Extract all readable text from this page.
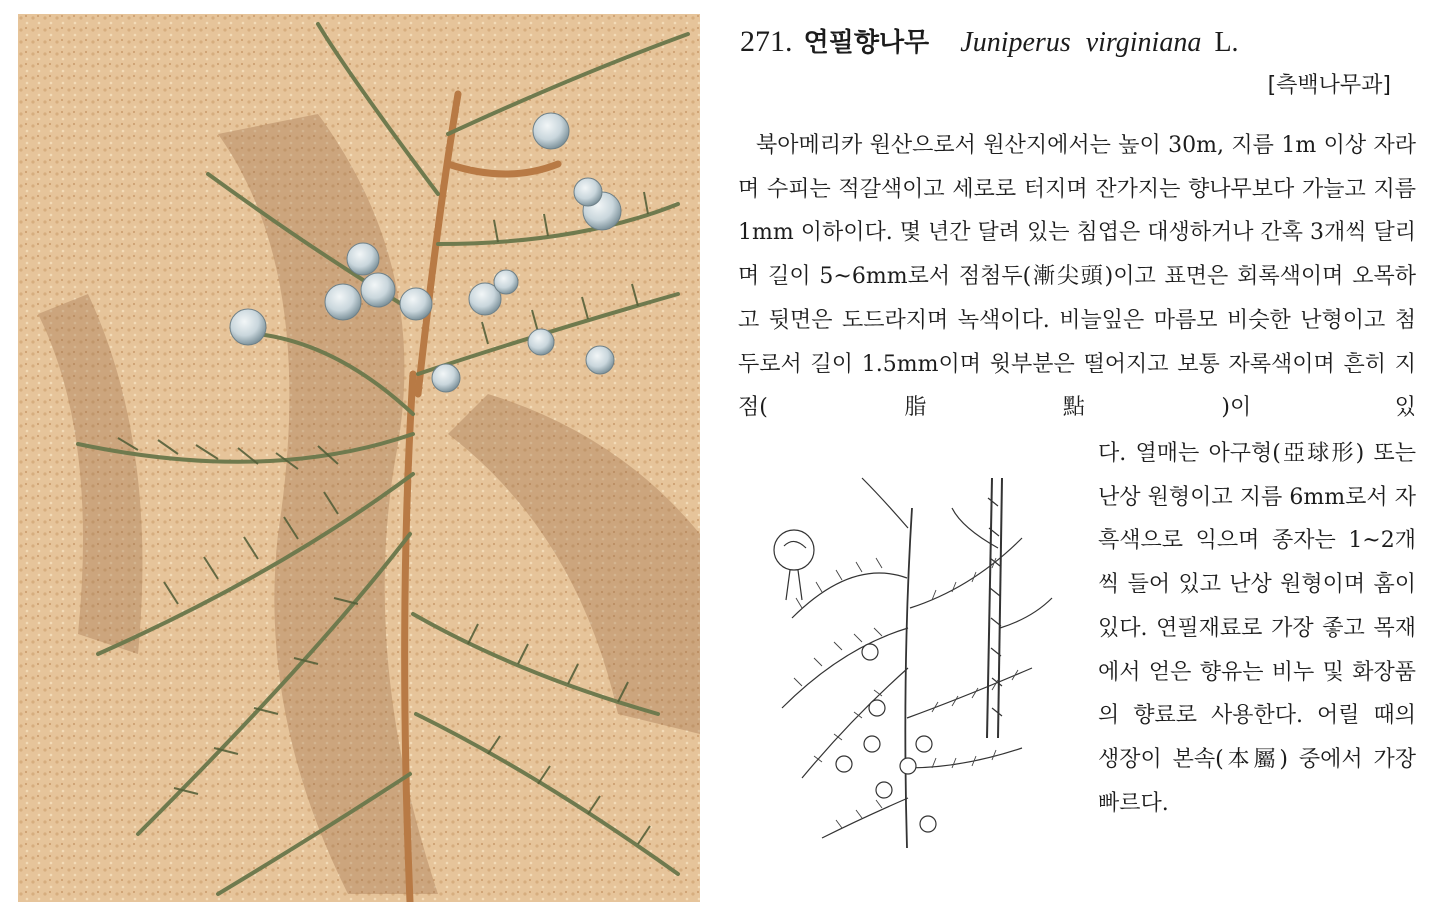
271. 연필향나무 Juniperus virginiana L.
[측백나무과]

북아메리카 원산으로서 원산지에서는 높이 30m, 지름 1m 이상 자라며 수피는 적갈색이고 세로로 터지며 잔가지는 향나무보다 가늘고 지름 1mm 이하이다. 몇 년간 달려 있는 침엽은 대생하거나 간혹 3개씩 달리며 길이 5~6mm로서 점첨두(漸尖頭)이고 표면은 회록색이며 오목하고 뒷면은 도드라지며 녹색이다. 비늘잎은 마름모 비슷한 난형이고 첨두로서 길이 1.5mm이며 윗부분은 떨어지고 보통 자록색이며 흔히 지점(脂點)이 있

다. 열매는 아구형(亞球形) 또는 난상 원형이고 지름 6mm로서 자흑색으로 익으며 종자는 1~2개씩 들어 있고 난상 원형이며 홈이 있다. 연필재료로 가장 좋고 목재에서 얻은 향유는 비누 및 화장품의 향료로 사용한다. 어릴 때의 생장이 본속(本屬) 중에서 가장 빠르다.
